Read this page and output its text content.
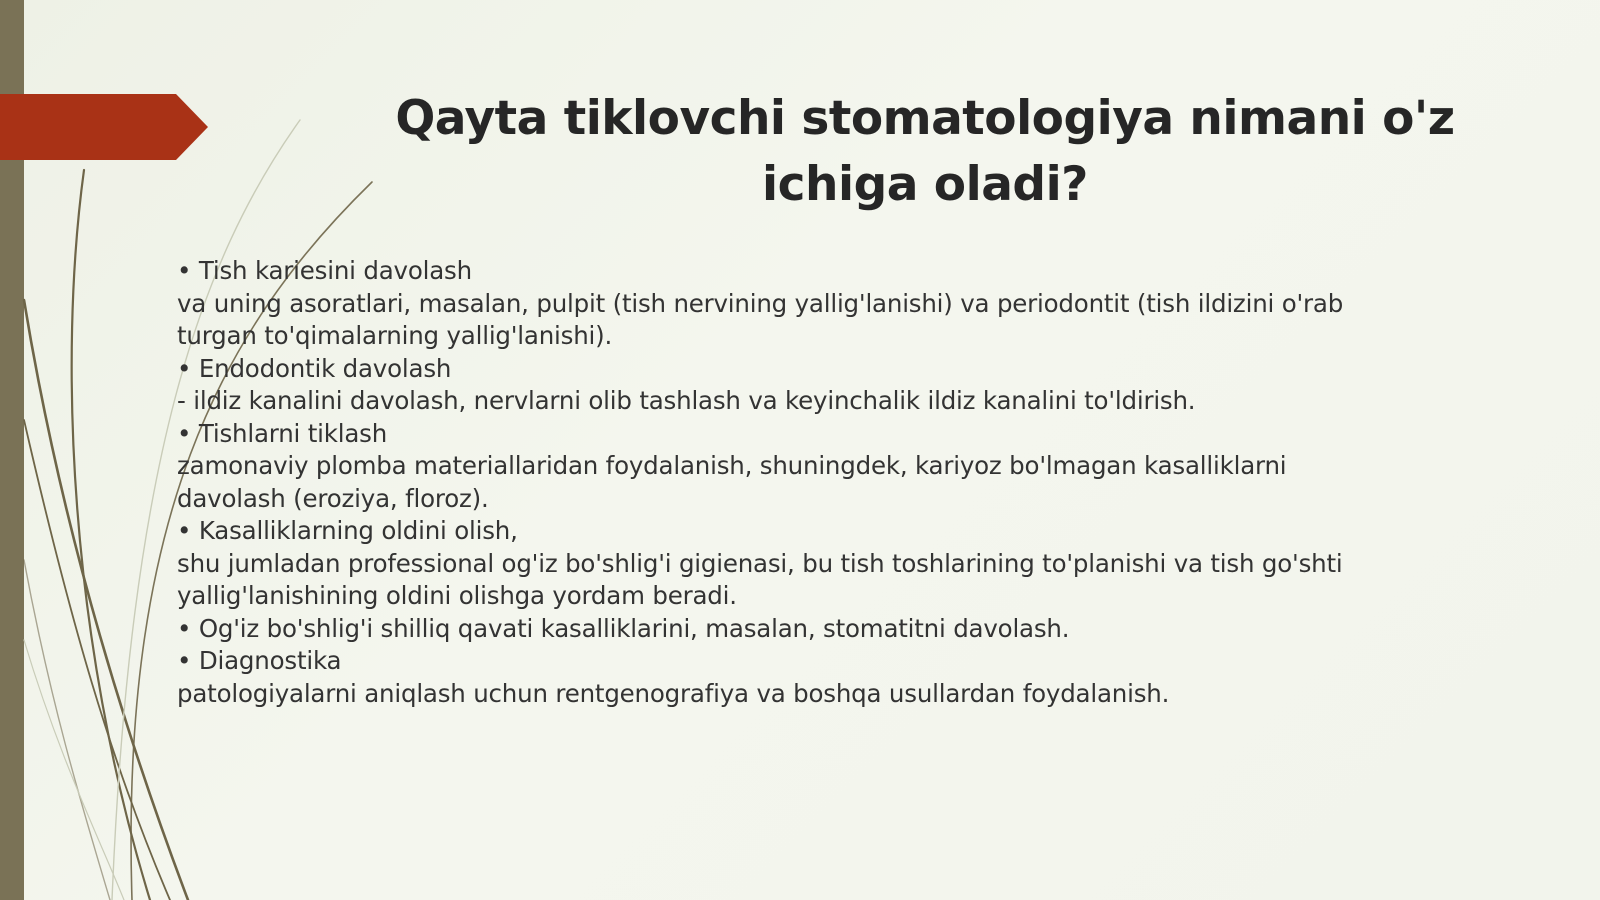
Qayta tiklovchi stomatologiya nimani o'z
ichiga oladi?
• Tish kariesini davolash
va uning asoratlari, masalan, pulpit (tish nervining yallig'lanishi) va periodontit (tish ildizini o'rab
turgan to'qimalarning yallig'lanishi).
• Endodontik davolash
- ildiz kanalini davolash, nervlarni olib tashlash va keyinchalik ildiz kanalini to'ldirish.
• Tishlarni tiklash
zamonaviy plomba materiallaridan foydalanish, shuningdek, kariyoz bo'lmagan kasalliklarni
davolash (eroziya, floroz).
• Kasalliklarning oldini olish,
shu jumladan professional og'iz bo'shlig'i gigienasi, bu tish toshlarining to'planishi va tish go'shti
yallig'lanishining oldini olishga yordam beradi.
• Og'iz bo'shlig'i shilliq qavati kasalliklarini, masalan, stomatitni davolash.
• Diagnostika
patologiyalarni aniqlash uchun rentgenografiya va boshqa usullardan foydalanish.
